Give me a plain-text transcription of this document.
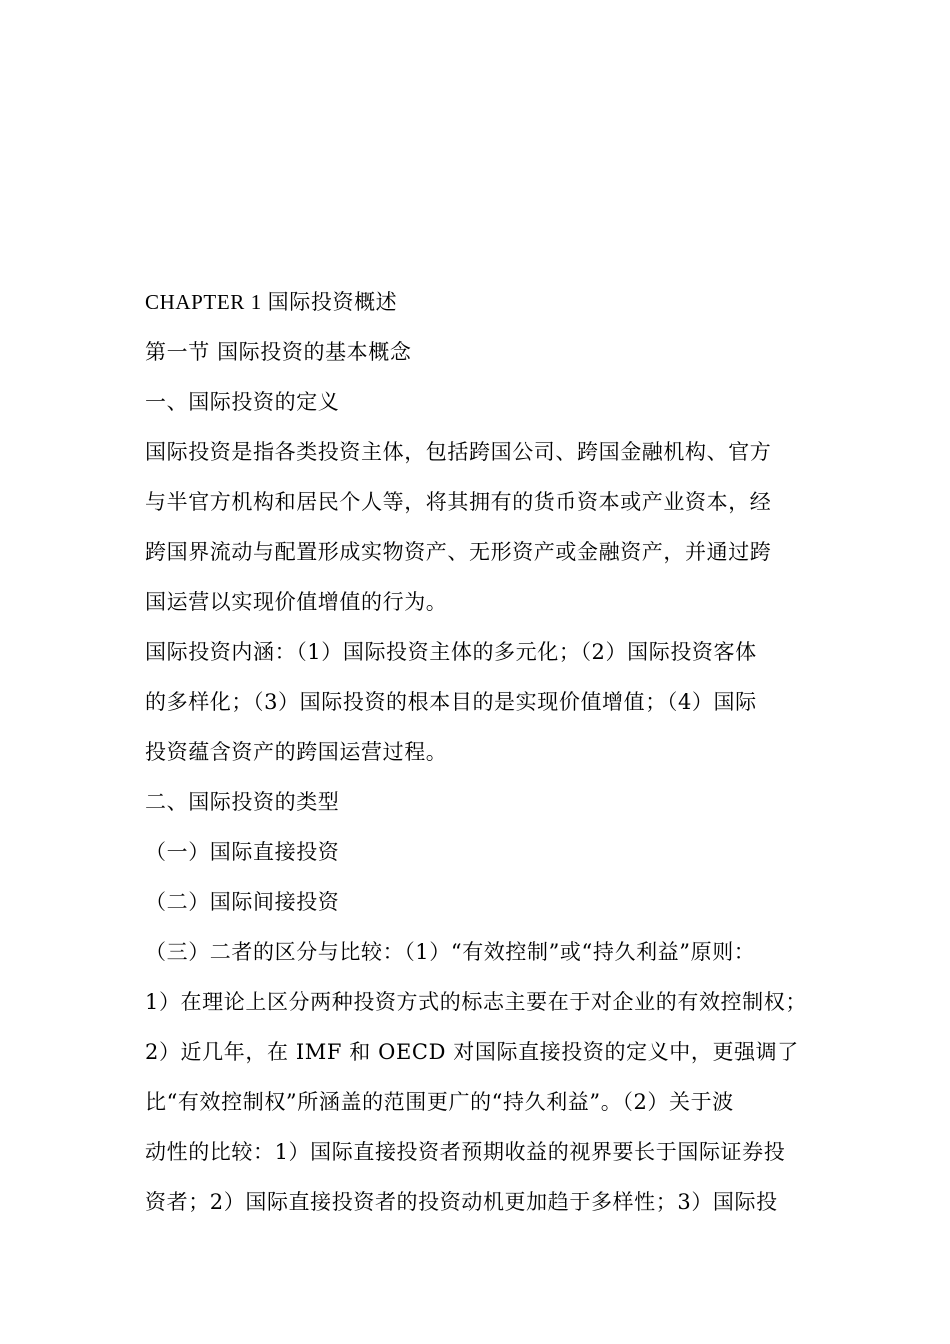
CHAPTER 1 国际投资概述
第一节 国际投资的基本概念
一、国际投资的定义
国际投资是指各类投资主体，包括跨国公司、跨国金融机构、官方
与半官方机构和居民个人等，将其拥有的货币资本或产业资本，经
跨国界流动与配置形成实物资产、无形资产或金融资产，并通过跨
国运营以实现价值增值的行为。
国际投资内涵：（1）国际投资主体的多元化；（2）国际投资客体
的多样化；（3）国际投资的根本目的是实现价值增值；（4）国际
投资蕴含资产的跨国运营过程。
二、国际投资的类型
（一）国际直接投资
（二）国际间接投资
（三）二者的区分与比较：（1）“有效控制”或“持久利益”原则：
1）在理论上区分两种投资方式的标志主要在于对企业的有效控制权；
2）近几年，在 IMF 和 OECD 对国际直接投资的定义中，更强调了
比“有效控制权”所涵盖的范围更广的“持久利益”。（2）关于波
动性的比较：1）国际直接投资者预期收益的视界要长于国际证券投
资者；2）国际直接投资者的投资动机更加趋于多样性；3）国际投
